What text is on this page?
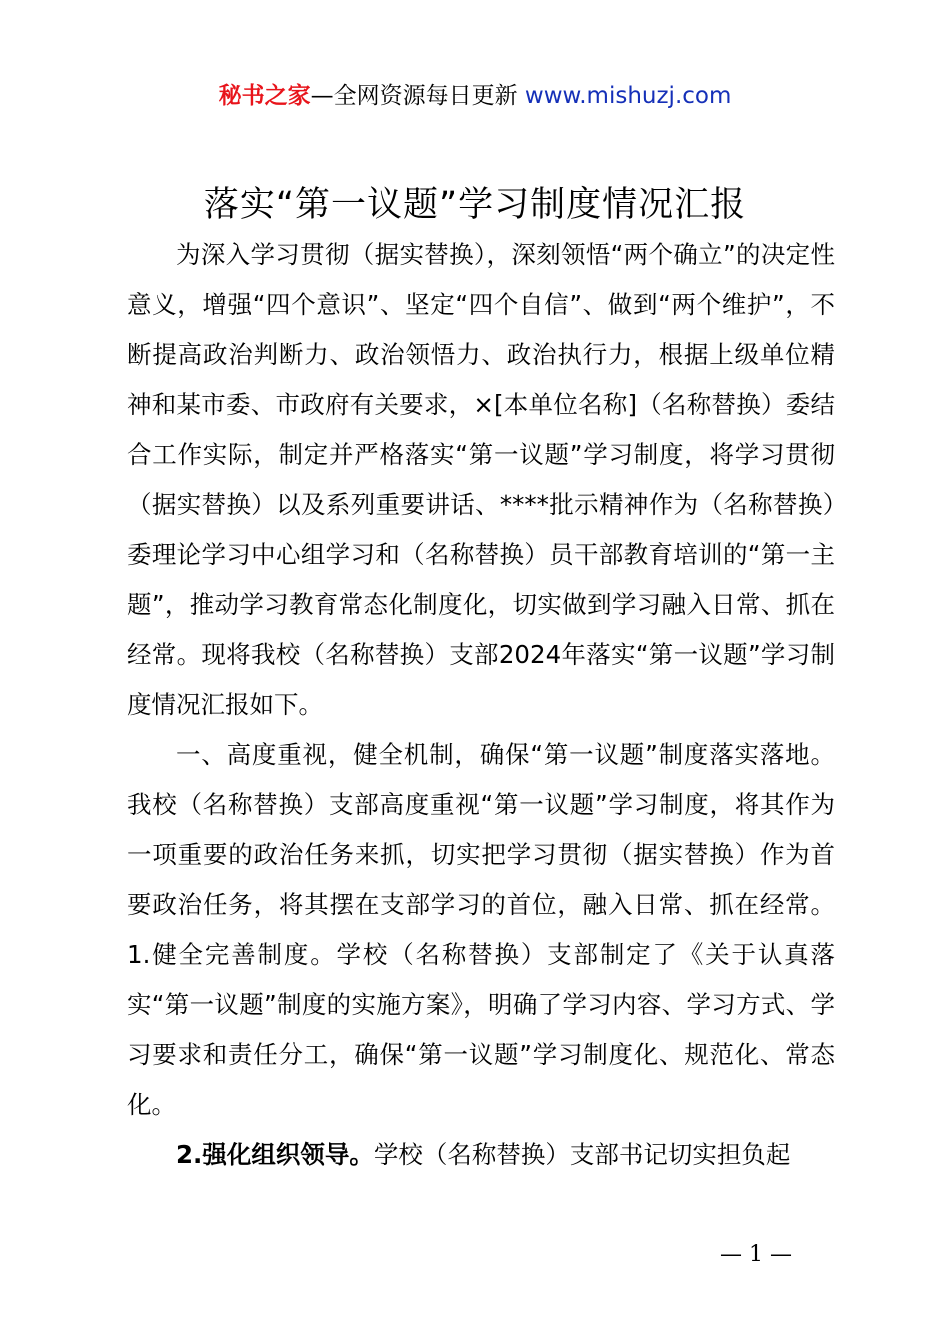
秘书之家—全网资源每日更新 www.mishuzj.com
落实“第一议题”学习制度情况汇报

为深入学习贯彻（据实替换），深刻领悟“两个确立”的决定性意义，增强“四个意识”、坚定“四个自信”、做到“两个维护”，不断提高政治判断力、政治领悟力、政治执行力，根据上级单位精神和某市委、市政府有关要求，×[本单位名称]（名称替换）委结合工作实际，制定并严格落实“第一议题”学习制度，将学习贯彻（据实替换）以及系列重要讲话、****批示精神作为（名称替换）委理论学习中心组学习和（名称替换）员干部教育培训的“第一主题”，推动学习教育常态化制度化，切实做到学习融入日常、抓在经常。现将我校（名称替换）支部2024年落实“第一议题”学习制度情况汇报如下。

一、高度重视，健全机制，确保“第一议题”制度落实落地。我校（名称替换）支部高度重视“第一议题”学习制度，将其作为一项重要的政治任务来抓，切实把学习贯彻（据实替换）作为首要政治任务，将其摆在支部学习的首位，融入日常、抓在经常。1.健全完善制度。学校（名称替换）支部制定了《关于认真落实“第一议题”制度的实施方案》，明确了学习内容、学习方式、学习要求和责任分工，确保“第一议题”学习制度化、规范化、常态化。

2.强化组织领导。学校（名称替换）支部书记切实担负起

— 1 —
